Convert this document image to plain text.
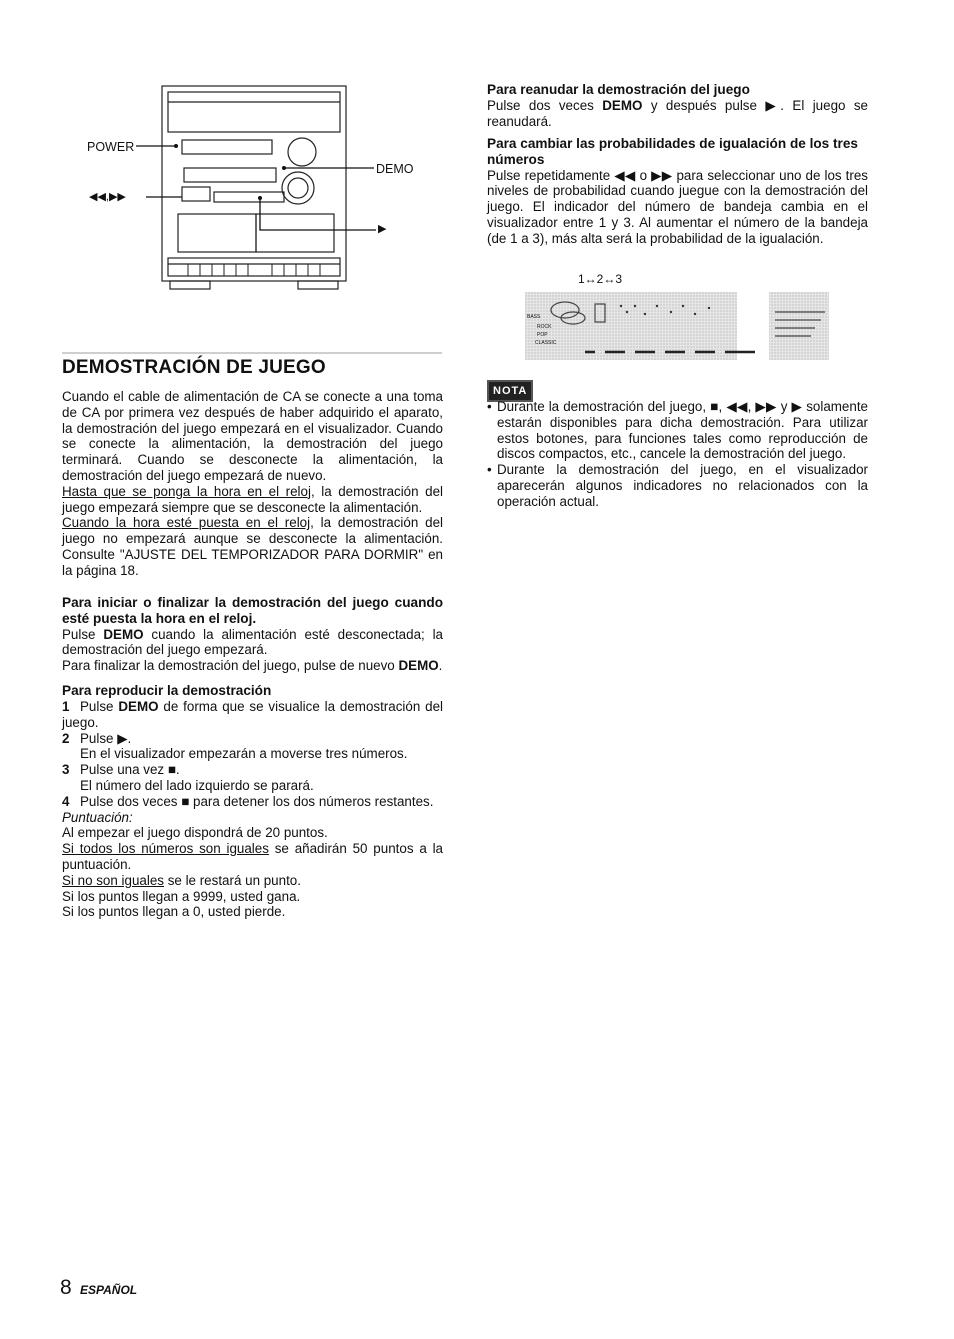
POWER
DEMO
◀◀,▶▶
▶
DEMOSTRACIÓN DE JUEGO
Cuando el cable de alimentación de CA se conecte a una toma de CA por primera vez después de haber adquirido el aparato, la demostración del juego empezará en el visualizador. Cuando se conecte la alimentación, la demostración del juego terminará. Cuando se desconecte la alimentación, la demostración del juego empezará de nuevo.
Hasta que se ponga la hora en el reloj, la demostración del juego empezará siempre que se desconecte la alimentación.
Cuando la hora esté puesta en el reloj, la demostración del juego no empezará aunque se desconecte la alimentación. Consulte "AJUSTE DEL TEMPORIZADOR PARA DORMIR" en la página 18.
Para iniciar o finalizar la demostración del juego cuando esté puesta la hora en el reloj.
Pulse DEMO cuando la alimentación esté desconectada; la demostración del juego empezará.
Para finalizar la demostración del juego, pulse de nuevo DEMO.
Para reproducir la demostración
1 Pulse DEMO de forma que se visualice la demostración del juego.
2 Pulse ▶.
En el visualizador empezarán a moverse tres números.
3 Pulse una vez ■.
El número del lado izquierdo se parará.
4 Pulse dos veces ■ para detener los dos números restantes.
Puntuación:
Al empezar el juego dispondrá de 20 puntos.
Si todos los números son iguales se añadirán 50 puntos a la puntuación.
Si no son iguales se le restará un punto.
Si los puntos llegan a 9999, usted gana.
Si los puntos llegan a 0, usted pierde.
Para reanudar la demostración del juego
Pulse dos veces DEMO y después pulse ▶. El juego se reanudará.
Para cambiar las probabilidades de igualación de los tres números
Pulse repetidamente ◀◀ o ▶▶ para seleccionar uno de los tres niveles de probabilidad cuando juegue con la demostración del juego. El indicador del número de bandeja cambia en el visualizador entre 1 y 3. Al aumentar el número de la bandeja (de 1 a 3), más alta será la probabilidad de la igualación.
1↔2↔3
BASS
ROCK
POP
CLASSIC
NOTA
• Durante la demostración del juego, ■, ◀◀, ▶▶ y ▶ solamente estarán disponibles para dicha demostración. Para utilizar estos botones, para funciones tales como reproducción de discos compactos, etc., cancele la demostración del juego.
• Durante la demostración del juego, en el visualizador aparecerán algunos indicadores no relacionados con la operación actual.
8 ESPAÑOL
